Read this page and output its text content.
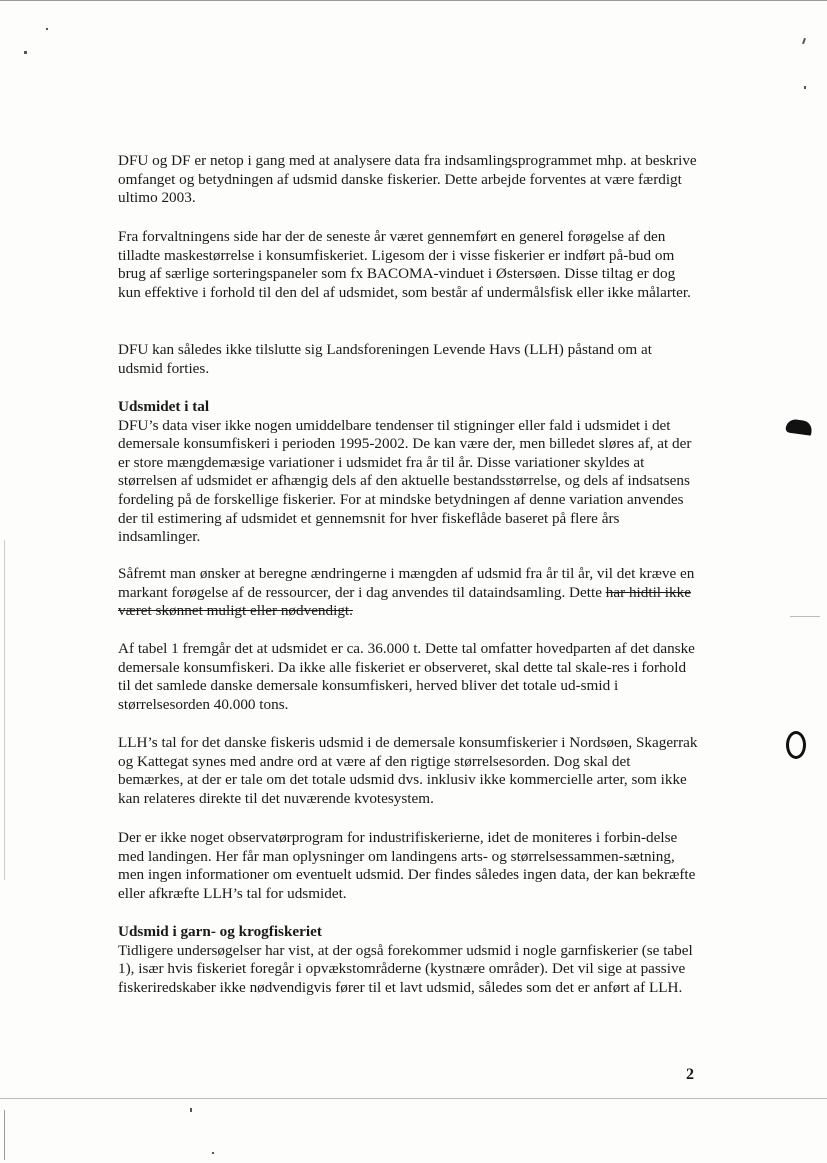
DFU og DF er netop i gang med at analysere data fra indsamlingsprogrammet mhp. at beskrive omfanget og betydningen af udsmid danske fiskerier. Dette arbejde forventes at være færdigt ultimo 2003.

Fra forvaltningens side har der de seneste år været gennemført en generel forøgelse af den tilladte maskestørrelse i konsumfiskeriet. Ligesom der i visse fiskerier er indført på-bud om brug af særlige sorteringspaneler som fx BACOMA-vinduet i Østersøen. Disse tiltag er dog kun effektive i forhold til den del af udsmidet, som består af undermålsfisk eller ikke målarter.

DFU kan således ikke tilslutte sig Landsforeningen Levende Havs (LLH) påstand om at udsmid forties.

Udsmidet i tal

DFU’s data viser ikke nogen umiddelbare tendenser til stigninger eller fald i udsmidet i det demersale konsumfiskeri i perioden 1995-2002. De kan være der, men billedet sløres af, at der er store mængdemæsige variationer i udsmidet fra år til år. Disse variationer skyldes at størrelsen af udsmidet er afhængig dels af den aktuelle bestandsstørrelse, og dels af indsatsens fordeling på de forskellige fiskerier. For at mindske betydningen af denne variation anvendes der til estimering af udsmidet et gennemsnit for hver fiskeflåde baseret på flere års indsamlinger.

Såfremt man ønsker at beregne ændringerne i mængden af udsmid fra år til år, vil det kræve en markant forøgelse af de ressourcer, der i dag anvendes til dataindsamling. Dette har hidtil ikke været skønnet muligt eller nødvendigt.

Af tabel 1 fremgår det at udsmidet er ca. 36.000 t. Dette tal omfatter hovedparten af det danske demersale konsumfiskeri. Da ikke alle fiskeriet er observeret, skal dette tal skale-res i forhold til det samlede danske demersale konsumfiskeri, herved bliver det totale ud-smid i størrelsesorden 40.000 tons.

LLH’s tal for det danske fiskeris udsmid i de demersale konsumfiskerier i Nordsøen, Skagerrak og Kattegat synes med andre ord at være af den rigtige størrelsesorden. Dog skal det bemærkes, at der er tale om det totale udsmid dvs. inklusiv ikke kommercielle arter, som ikke kan relateres direkte til det nuværende kvotesystem.

Der er ikke noget observatørprogram for industrifiskerierne, idet de moniteres i forbin-delse med landingen. Her får man oplysninger om landingens arts- og størrelsessammen-sætning, men ingen informationer om eventuelt udsmid. Der findes således ingen data, der kan bekræfte eller afkræfte LLH’s tal for udsmidet.

Udsmid i garn- og krogfiskeriet

Tidligere undersøgelser har vist, at der også forekommer udsmid i nogle garnfiskerier (se tabel 1), især hvis fiskeriet foregår i opvækstområderne (kystnære områder). Det vil sige at passive fiskeriredskaber ikke nødvendigvis fører til et lavt udsmid, således som det er anført af LLH.

2
